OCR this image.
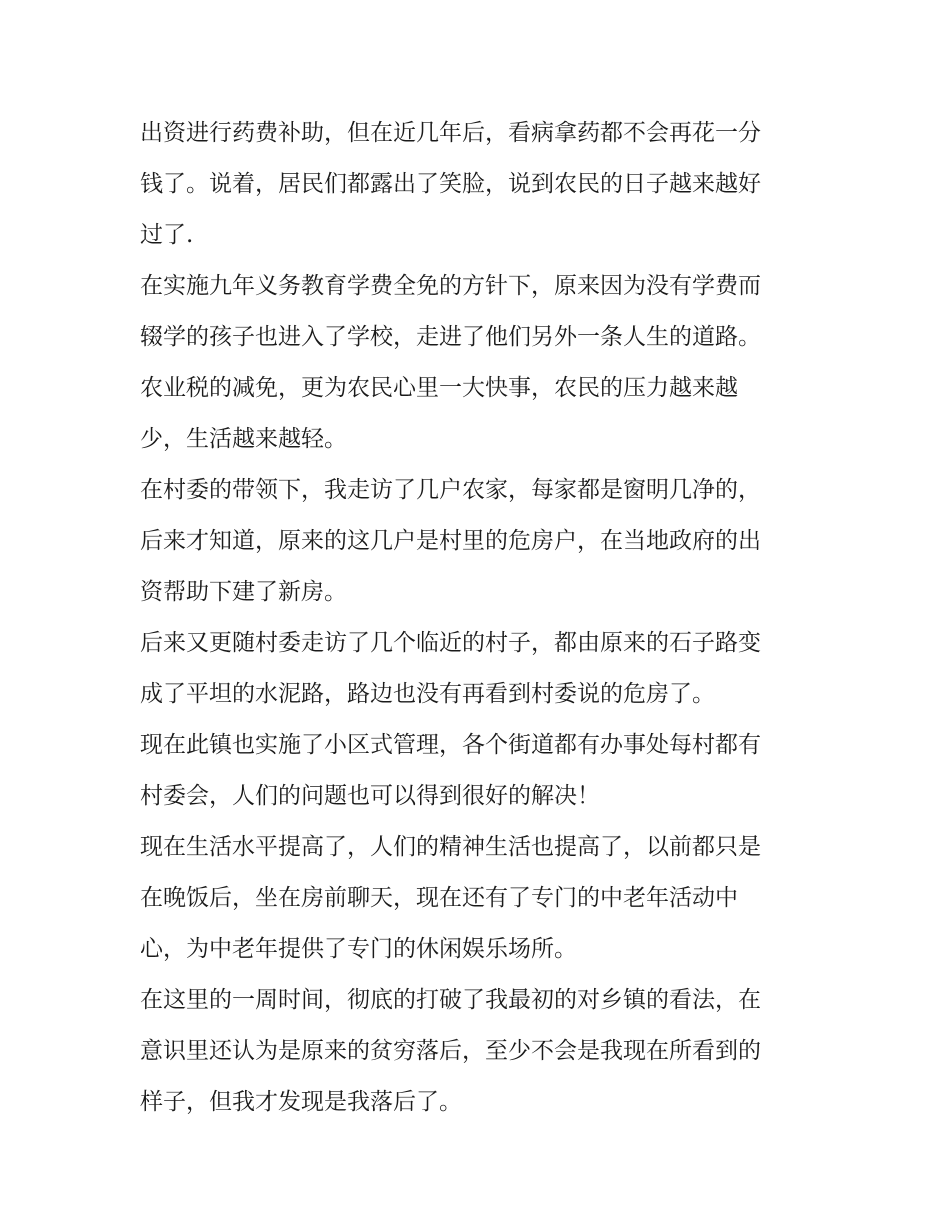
出资进行药费补助，但在近几年后，看病拿药都不会再花一分
钱了。说着，居民们都露出了笑脸，说到农民的日子越来越好
过了.

在实施九年义务教育学费全免的方针下，原来因为没有学费而
辍学的孩子也进入了学校，走进了他们另外一条人生的道路。

农业税的减免，更为农民心里一大快事，农民的压力越来越
少，生活越来越轻。

在村委的带领下，我走访了几户农家，每家都是窗明几净的，
后来才知道，原来的这几户是村里的危房户，在当地政府的出
资帮助下建了新房。

后来又更随村委走访了几个临近的村子，都由原来的石子路变
成了平坦的水泥路，路边也没有再看到村委说的危房了。

现在此镇也实施了小区式管理，各个街道都有办事处每村都有
村委会，人们的问题也可以得到很好的解决！

现在生活水平提高了，人们的精神生活也提高了，以前都只是
在晚饭后，坐在房前聊天，现在还有了专门的中老年活动中
心，为中老年提供了专门的休闲娱乐场所。

在这里的一周时间，彻底的打破了我最初的对乡镇的看法，在
意识里还认为是原来的贫穷落后，至少不会是我现在所看到的
样子，但我才发现是我落后了。
